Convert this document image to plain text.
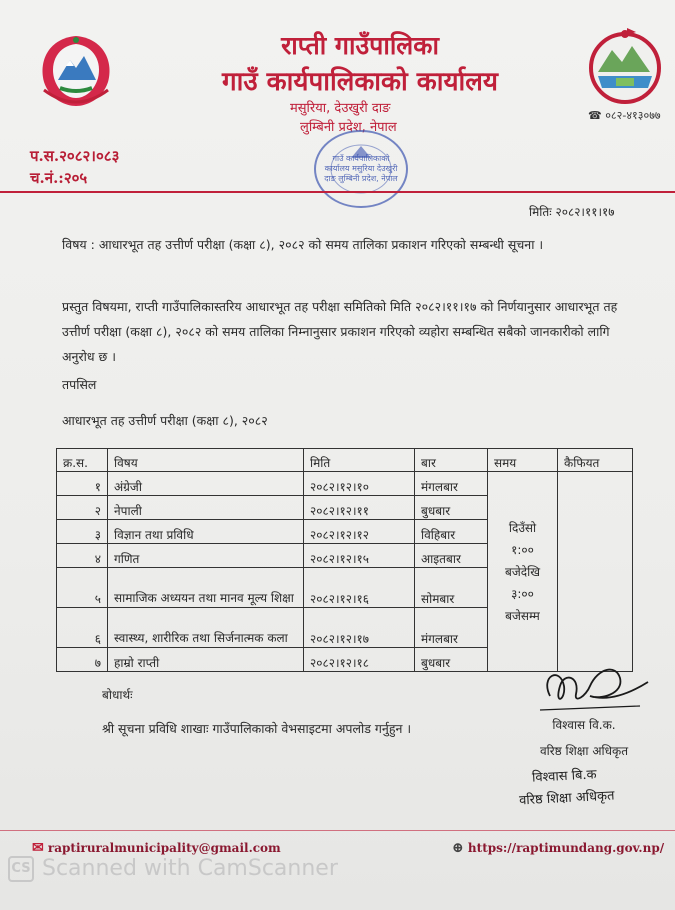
राप्ती गाउँपालिका
गाउँ कार्यपालिकाको कार्यालय
मसुरिया, देउखुरी दाङ
लुम्बिनी प्रदेश, नेपाल
☎ ०८२-४१३०७७
गाउँ कार्यपालिकाको कार्यालय मसुरिया देउखुरी दाङ लुम्बिनी प्रदेश, नेपाल
प.स.२०८२।०८३
च.नं.:२०५
मितिः २०८२।११।१७
विषय : आधारभूत तह उत्तीर्ण परीक्षा (कक्षा ८), २०८२ को समय तालिका प्रकाशन गरिएको सम्बन्धी सूचना ।
प्रस्तुत विषयमा, राप्ती गाउँपालिकास्तरिय आधारभूत तह परीक्षा समितिको मिति २०८२।११।१७ को निर्णयानुसार आधारभूत तह उत्तीर्ण परीक्षा (कक्षा ८), २०८२ को समय तालिका निम्नानुसार प्रकाशन गरिएको व्यहोरा सम्बन्धित सबैको जानकारीको लागि अनुरोध छ ।
तपसिल
आधारभूत तह उत्तीर्ण परीक्षा (कक्षा ८), २०८२
क्र.स.	विषय	मिति	बार	समय	कैफियत
१	अंग्रेजी	२०८२।१२।१०	मंगलबार	दिउँसो
१:००
बजेदेखि
३:००
बजेसम्म	

२	नेपाली	२०८२।१२।११	बुधबार		
३	विज्ञान तथा प्रविधि	२०८२।१२।१२	विहिबार		
४	गणित	२०८२।१२।१५	आइतबार		
५	सामाजिक अध्ययन तथा मानव मूल्य शिक्षा	२०८२।१२।१६	सोमबार		
६	स्वास्थ्य, शारीरिक तथा सिर्जनात्मक कला	२०८२।१२।१७	मंगलबार		
७	हाम्रो राप्ती	२०८२।१२।१८	बुधबार		
बोधार्थः
श्री सूचना प्रविधि शाखाः गाउँपालिकाको वेभसाइटमा अपलोड गर्नुहुन ।	विश्वास वि.क.
वरिष्ठ शिक्षा अधिकृत
विश्वास बि.क
वरिष्ठ शिक्षा अधिकृत
✉ raptiruralmunicipality@gmail.com	⊕ https://raptimundang.gov.np/
CS Scanned with CamScanner
